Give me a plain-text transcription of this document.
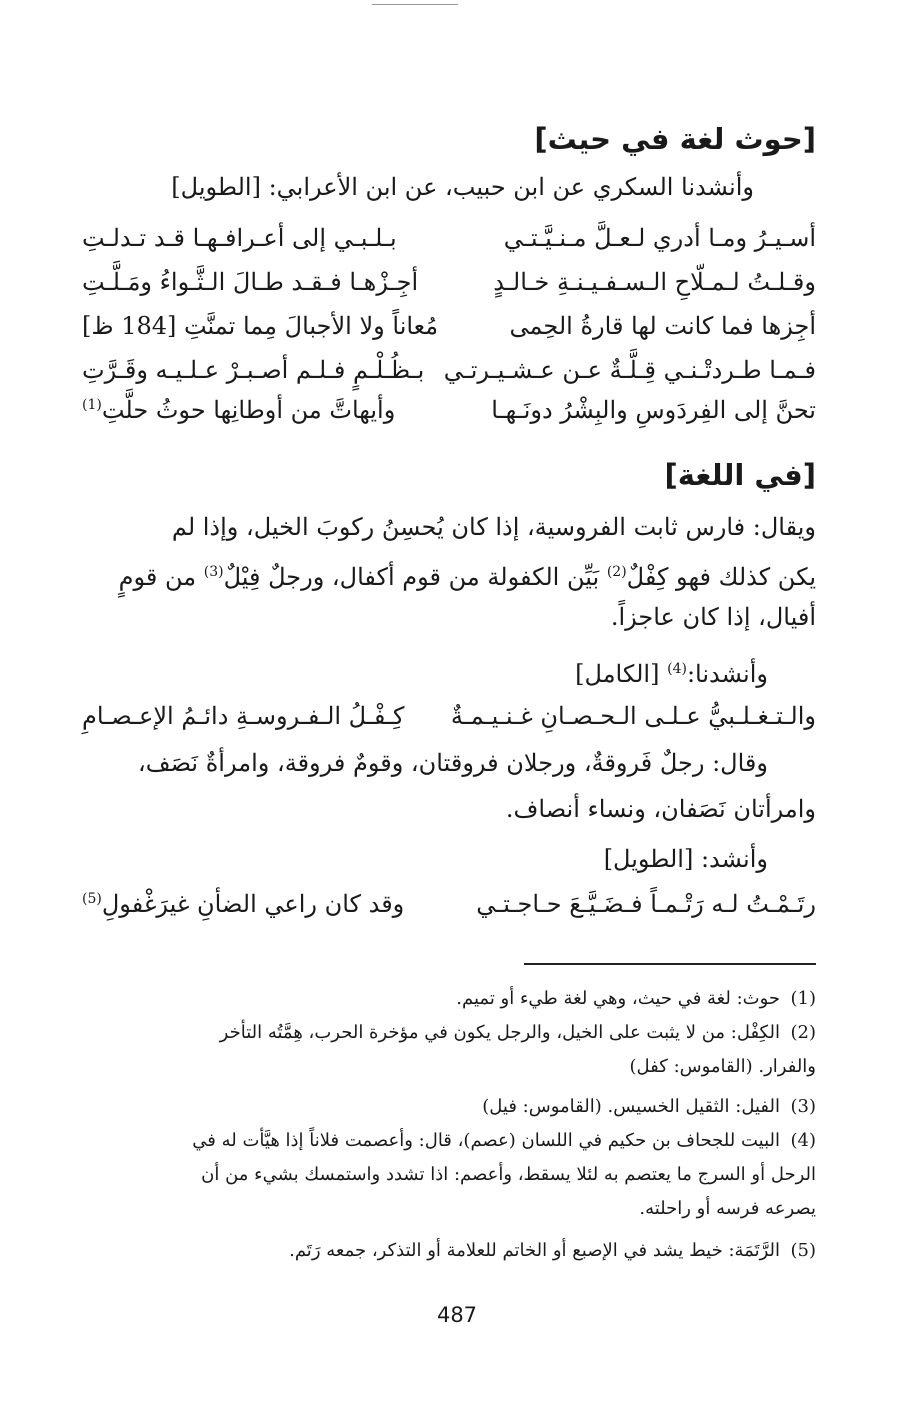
[حوث لغة في حيث]
وأنشدنا السكري عن ابن حبيب، عن ابن الأعرابي: [الطويل]
أسـيـرُ ومـا أدري لـعـلَّ مـنـيَّـتـي
بـلـبـي إلى أعـرافـهـا قـد تـدلـتِ
وقـلـتُ لـمـلّاحِ الـسـفـيـنـةِ خـالـدٍ
أجِـزْهـا فـقـد طـالَ الـثَّـواءُ ومَـلَّـتِ
أجِزها فما كانت لها قارةُ الحِمى
مُعاناً ولا الأجبالَ مِما تمنَّتِ [184 ظ]
فـمـا طـردتْـنـي قِـلَّـةٌ عـن عـشـيـرتـي
بـظُـلْـمٍ فـلـم أصـبـرْ عـلـيـه وقَـرَّتِ
تحنَّ إلى الفِردَوسِ والبِشْرُ دونَـهـا
وأيهاتَّ من أوطانِها حوثُ حلَّتِ$^{(1)}$
[في اللغة]
ويقال: فارس ثابت الفروسية، إذا كان يُحسِنُ ركوبَ الخيل، وإذا لم
يكن كذلك فهو كِفْلٌ$^{(2)}$ بَيِّن الكفولة من قوم أكفال، ورجلٌ فِيْلٌ$^{(3)}$ من قومٍ
أفيال، إذا كان عاجزاً.
وأنشدنا:$^{(4)}$ [الكامل]
والـتـغـلـبيُّ عـلـى الـحـصـانِ غـنـيـمـةٌ
كِـفْـلُ الـفـروسـةِ دائـمُ الإعـصـامِ
وقال: رجلٌ فَروقةٌ، ورجلان فروقتان، وقومٌ فروقة، وامرأةٌ نَصَف،
وامرأتان نَصَفان، ونساء أنصاف.
وأنشد: [الطويل]
رتَـمْـتُ لـه رَتْـمـاً فـضَـيَّـعَ حـاجـتـي
وقد كان راعي الضأنِ غيرَغْفولِ$^{(5)}$
(1)حوث: لغة في حيث، وهي لغة طيء أو تميم.
(2)الكِفْل: من لا يثبت على الخيل، والرجل يكون في مؤخرة الحرب، هِمَّتُه التأخر
والفرار. (القاموس: كفل)
(3)الفيل: الثقيل الخسيس. (القاموس: فيل)
(4)البيت للجحاف بن حكيم في اللسان (عصم)، قال: وأعصمت فلاناً إذا هيَّأت له في
الرحل أو السرج ما يعتصم به لئلا يسقط، وأعصم: اذا تشدد واستمسك بشيء من أن
يصرعه فرسه أو راحلته.
(5)الرَّتَمَة: خيط يشد في الإصبع أو الخاتم للعلامة أو التذكر، جمعه رَتَم.
487
